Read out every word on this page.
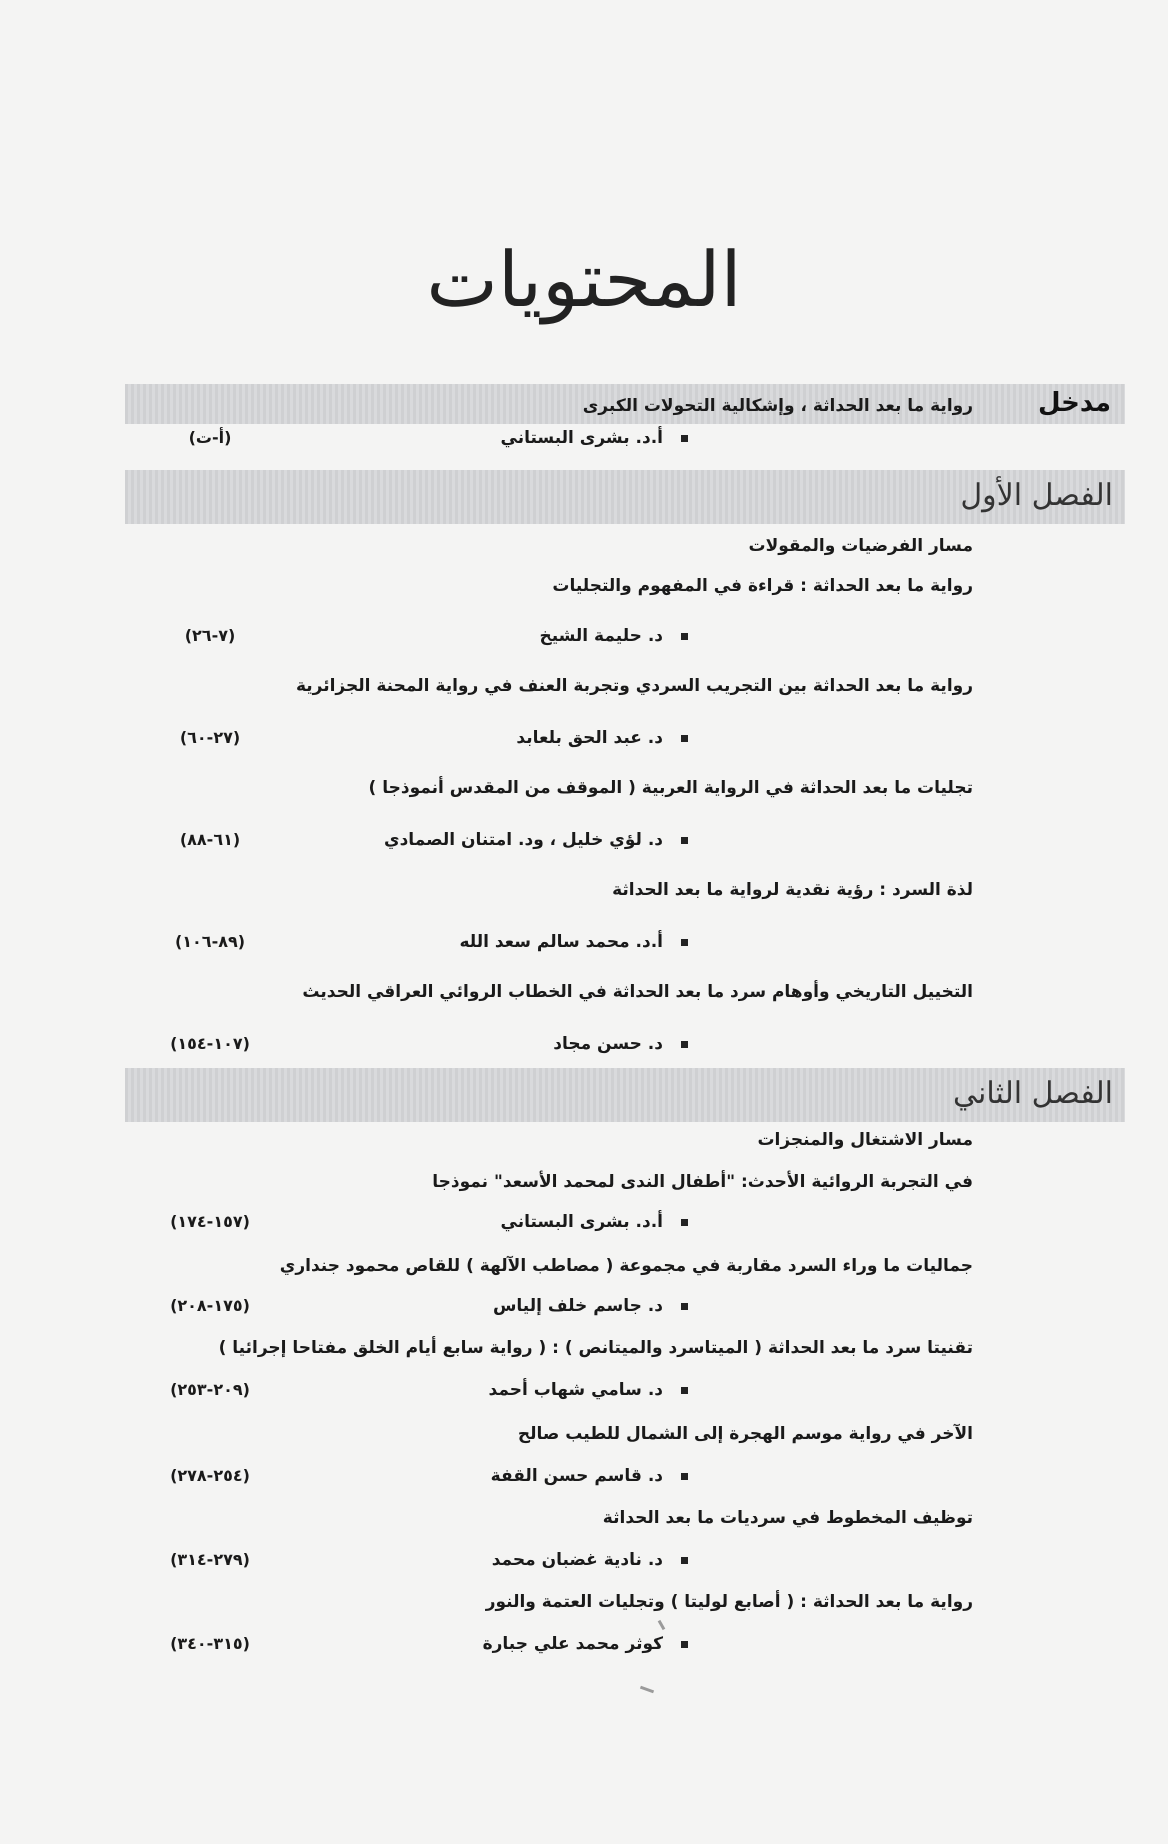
المحتويات
مدخل
رواية ما بعد الحداثة ، وإشكالية التحولات الكبرى
أ.د. بشرى البستاني
(أ-ت)
الفصل الأول
مسار الفرضيات والمقولات
رواية ما بعد الحداثة : قراءة في المفهوم والتجليات
د. حليمة الشيخ
(٧-٢٦)
رواية ما بعد الحداثة بين التجريب السردي وتجربة العنف في رواية المحنة الجزائرية
د. عبد الحق بلعابد
(٢٧-٦٠)
تجليات ما بعد الحداثة في الرواية العربية ( الموقف من المقدس أنموذجا )
د. لؤي خليل ، ود. امتنان الصمادي
(٦١-٨٨)
لذة السرد : رؤية نقدية لرواية ما بعد الحداثة
أ.د. محمد سالم سعد الله
(٨٩-١٠٦)
التخييل التاريخي وأوهام سرد ما بعد الحداثة في الخطاب الروائي العراقي الحديث
د. حسن مجاد
(١٠٧-١٥٤)
الفصل الثاني
مسار الاشتغال والمنجزات
في التجربة الروائية الأحدث: "أطفال الندى لمحمد الأسعد" نموذجا
أ.د. بشرى البستاني
(١٥٧-١٧٤)
جماليات ما وراء السرد مقاربة في مجموعة ( مصاطب الآلهة ) للقاص محمود جنداري
د. جاسم خلف إلياس
(١٧٥-٢٠٨)
تقنيتا سرد ما بعد الحداثة ( الميتاسرد والميتانص ) : ( رواية سابع أيام الخلق مفتاحا إجرائيا )
د. سامي شهاب أحمد
(٢٠٩-٢٥٣)
الآخر في رواية موسم الهجرة إلى الشمال للطيب صالح
د. قاسم حسن القفة
(٢٥٤-٢٧٨)
توظيف المخطوط في سرديات ما بعد الحداثة
د. نادية غضبان محمد
(٢٧٩-٣١٤)
رواية ما بعد الحداثة : ( أصابع لوليتا ) وتجليات العتمة والنور
كوثر محمد علي جبارة
(٣١٥-٣٤٠)
